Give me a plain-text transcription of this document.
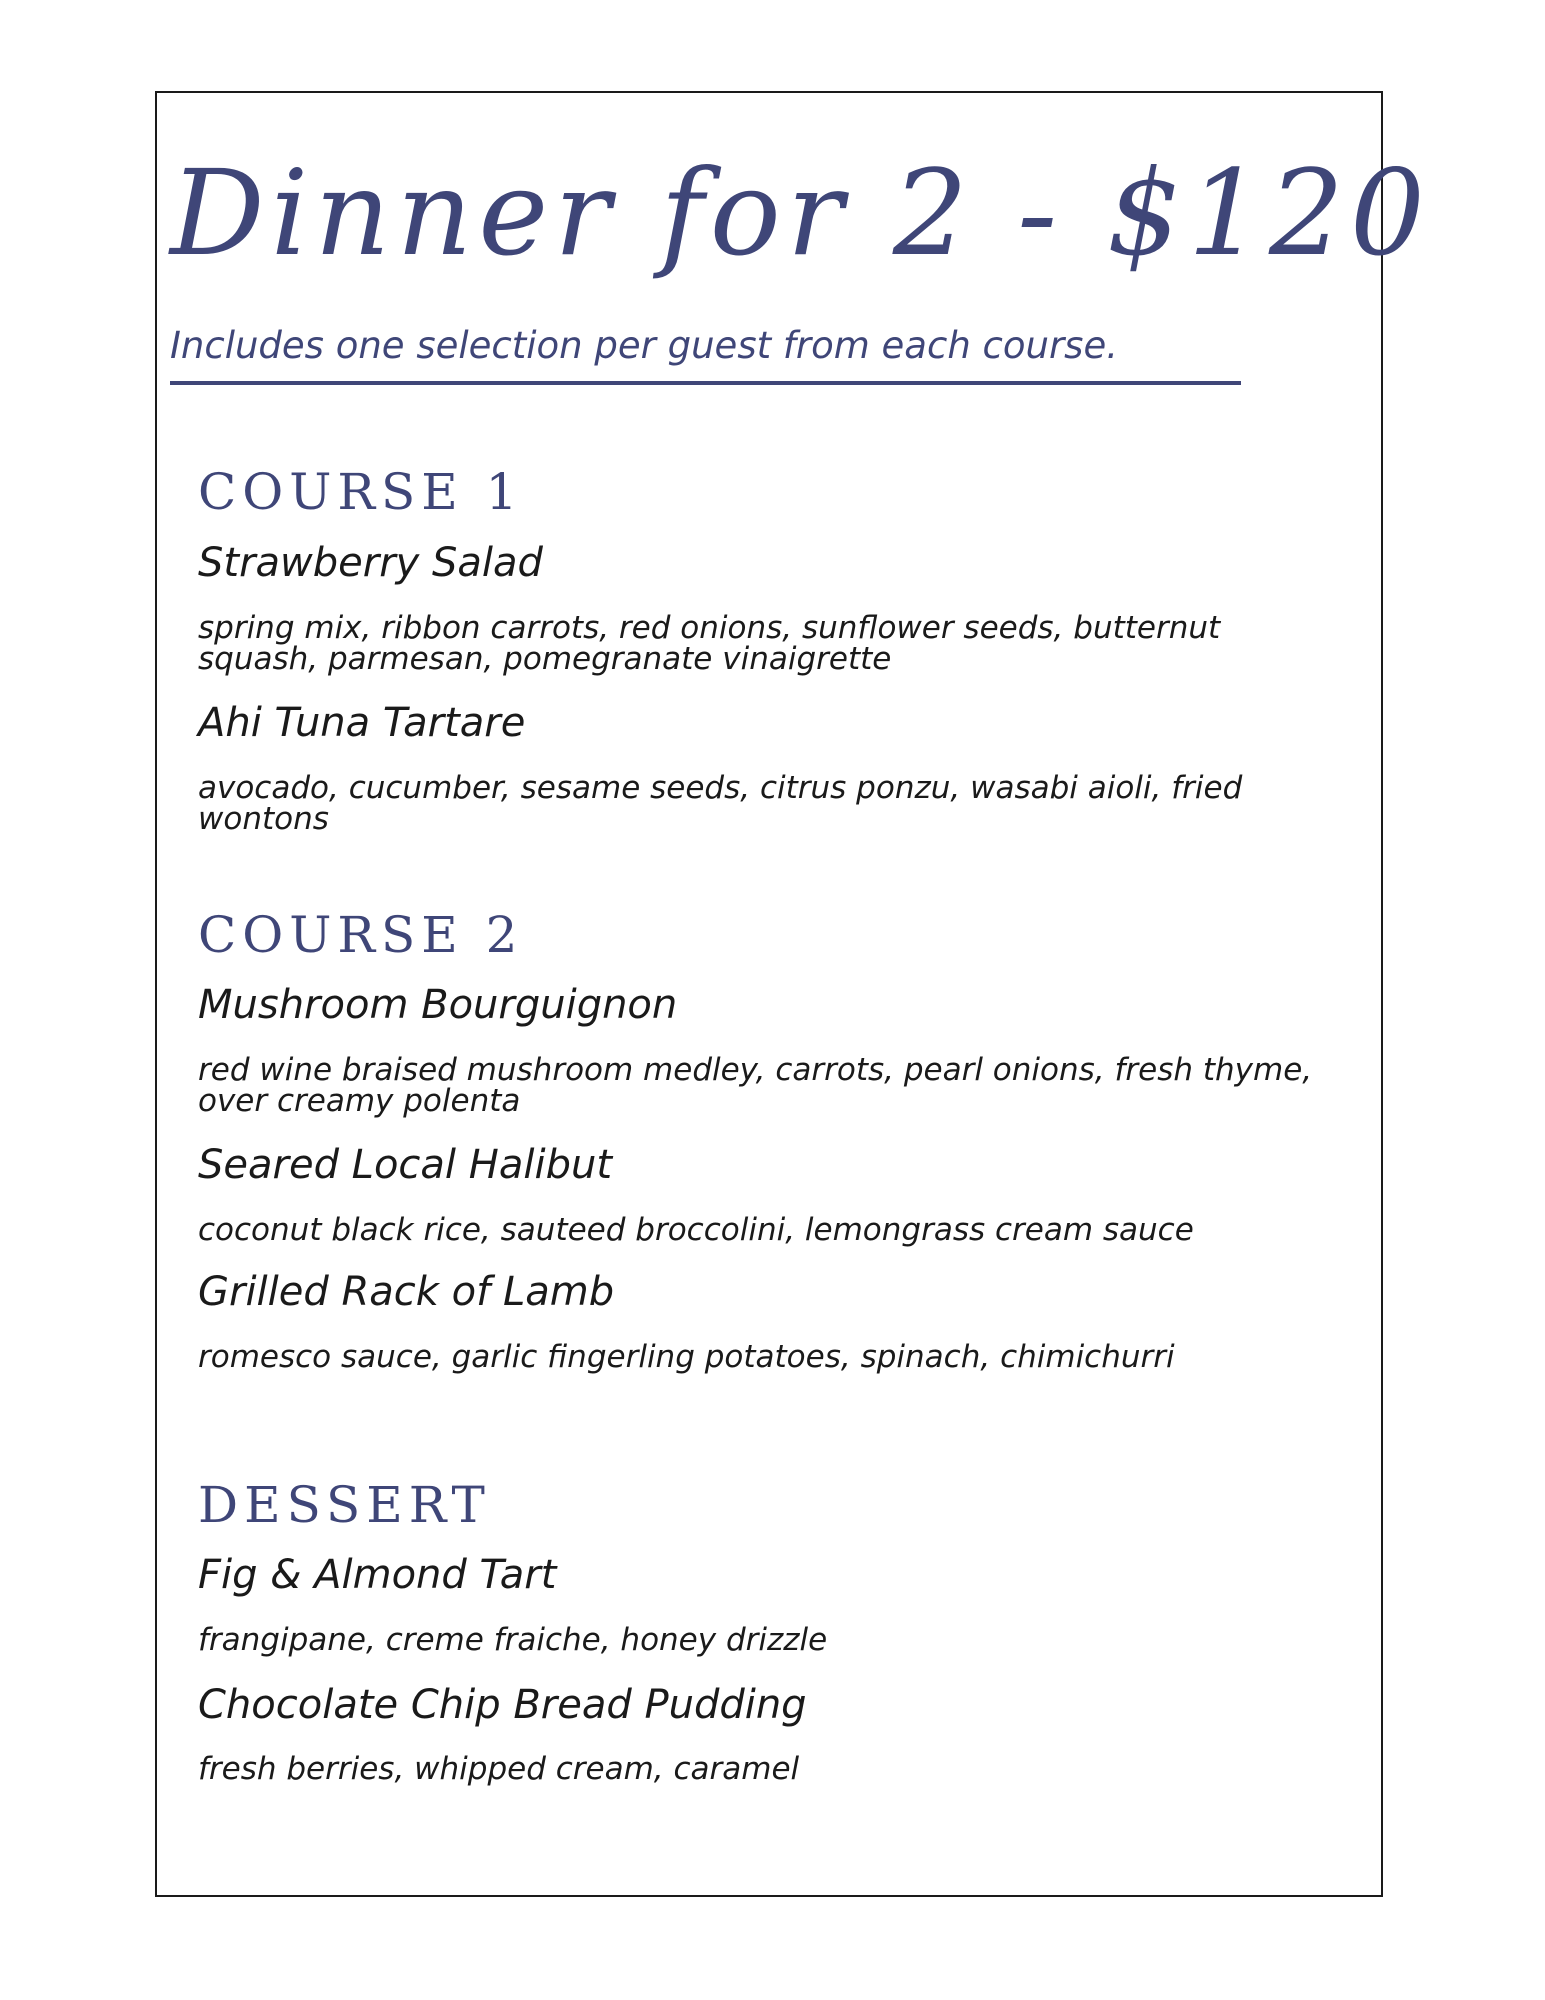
Dinner for 2 - $120

Includes one selection per guest from each course.

COURSE 1
Strawberry Salad

spring mix, ribbon carrots, red onions, sunflower seeds, butternut squash, parmesan, pomegranate vinaigrette

Ahi Tuna Tartare

avocado, cucumber, sesame seeds, citrus ponzu, wasabi aioli, fried wontons

COURSE 2
Mushroom Bourguignon

red wine braised mushroom medley, carrots, pearl onions, fresh thyme, over creamy polenta

Seared Local Halibut

coconut black rice, sauteed broccolini, lemongrass cream sauce

Grilled Rack of Lamb

romesco sauce, garlic fingerling potatoes, spinach, chimichurri

DESSERT
Fig & Almond Tart

frangipane, creme fraiche, honey drizzle

Chocolate Chip Bread Pudding

fresh berries, whipped cream, caramel
